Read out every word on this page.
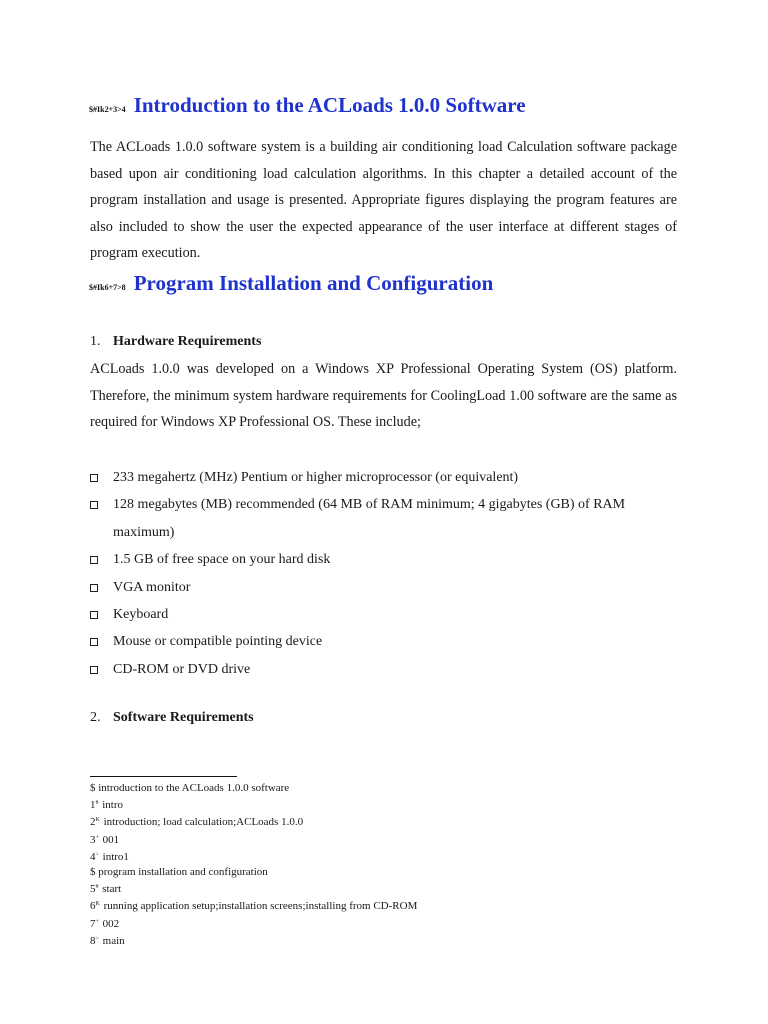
$#Ik2+3>4 Introduction to the ACLoads 1.0.0 Software

The ACLoads 1.0.0 software system is a building air conditioning load Calculation software package based upon air conditioning load calculation algorithms. In this chapter a detailed account of the program installation and usage is presented. Appropriate figures displaying the program features are also included to show the user the expected appearance of the user interface at different stages of program execution.

$#Ik6+7>8 Program Installation and Configuration
1. Hardware Requirements

ACLoads 1.0.0 was developed on a Windows XP Professional Operating System (OS) platform. Therefore, the minimum system hardware requirements for CoolingLoad 1.00 software are the same as required for Windows XP Professional OS. These include;

233 megahertz (MHz) Pentium or higher microprocessor (or equivalent)
128 megabytes (MB) recommended (64 MB of RAM minimum; 4 gigabytes (GB) of RAM maximum)
1.5 GB of free space on your hard disk
VGA monitor
Keyboard
Mouse or compatible pointing device
CD-ROM or DVD drive
2. Software Requirements
$ introduction to the ACLoads 1.0.0 software
1# intro
$2^K$ introduction; load calculation;ACLoads 1.0.0
3+ 001
4> intro1
$ program installation and configuration
5# start
$6^K$ running application setup;installation screens;installing from CD-ROM
7+ 002
8> main
